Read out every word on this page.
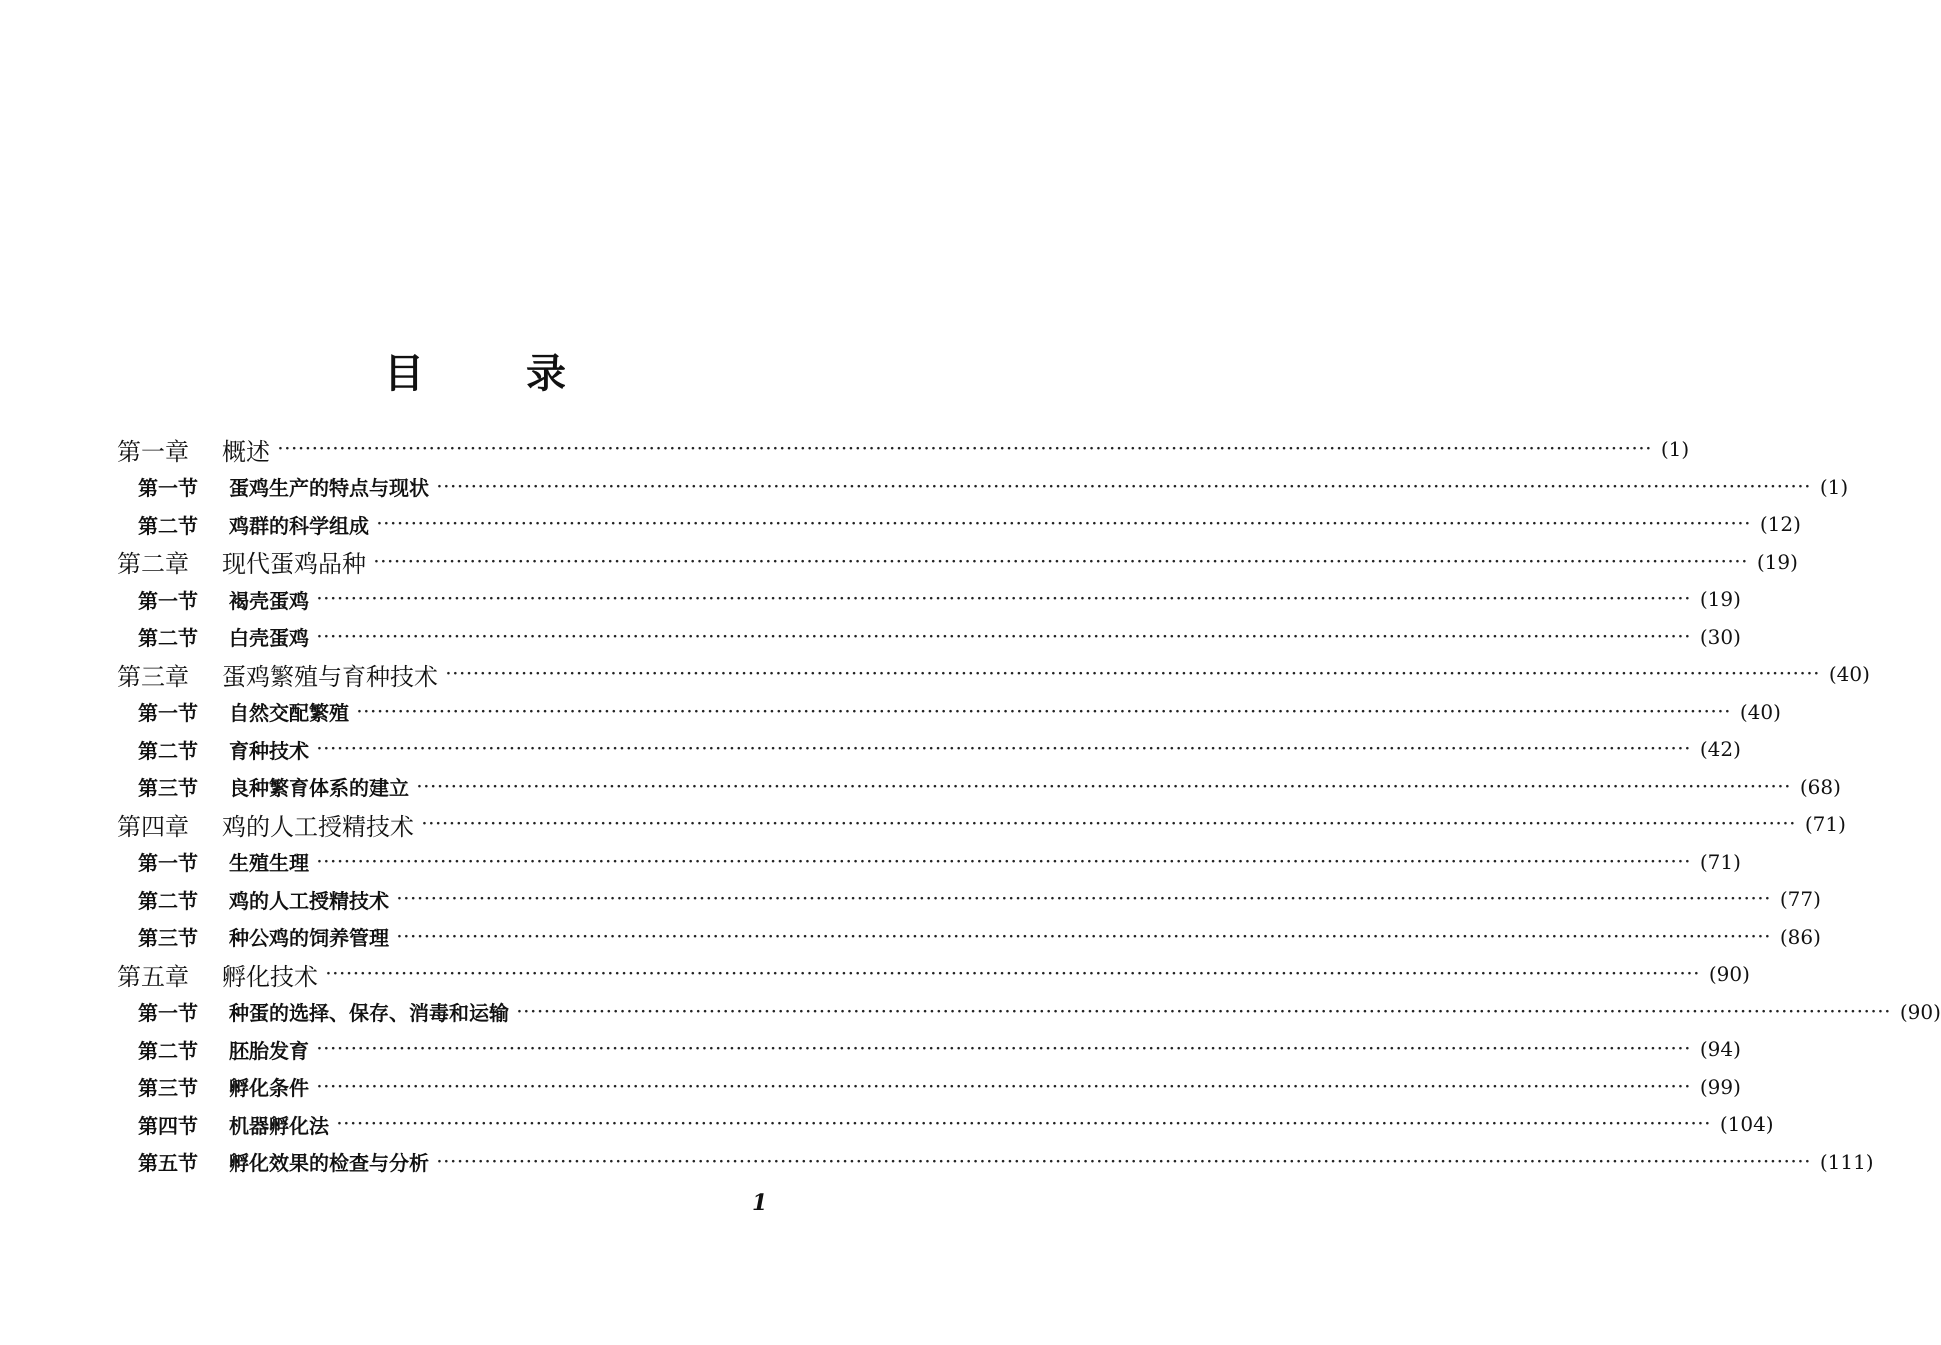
目 录
第一章	概述 ········································································································································································································ (1)
第一节	蛋鸡生产的特点与现状 ········································································································································································································ (1)
第二节	鸡群的科学组成 ········································································································································································································ (12)
第二章	现代蛋鸡品种 ········································································································································································································ (19)
第一节	褐壳蛋鸡 ········································································································································································································ (19)
第二节	白壳蛋鸡 ········································································································································································································ (30)
第三章	蛋鸡繁殖与育种技术 ········································································································································································································ (40)
第一节	自然交配繁殖 ········································································································································································································ (40)
第二节	育种技术 ········································································································································································································ (42)
第三节	良种繁育体系的建立 ········································································································································································································ (68)
第四章	鸡的人工授精技术 ········································································································································································································ (71)
第一节	生殖生理 ········································································································································································································ (71)
第二节	鸡的人工授精技术 ········································································································································································································ (77)
第三节	种公鸡的饲养管理 ········································································································································································································ (86)
第五章	孵化技术 ········································································································································································································ (90)
第一节	种蛋的选择、保存、消毒和运输 ········································································································································································································ (90)
第二节	胚胎发育 ········································································································································································································ (94)
第三节	孵化条件 ········································································································································································································ (99)
第四节	机器孵化法 ········································································································································································································ (104)
第五节	孵化效果的检查与分析 ········································································································································································································ (111)
1
